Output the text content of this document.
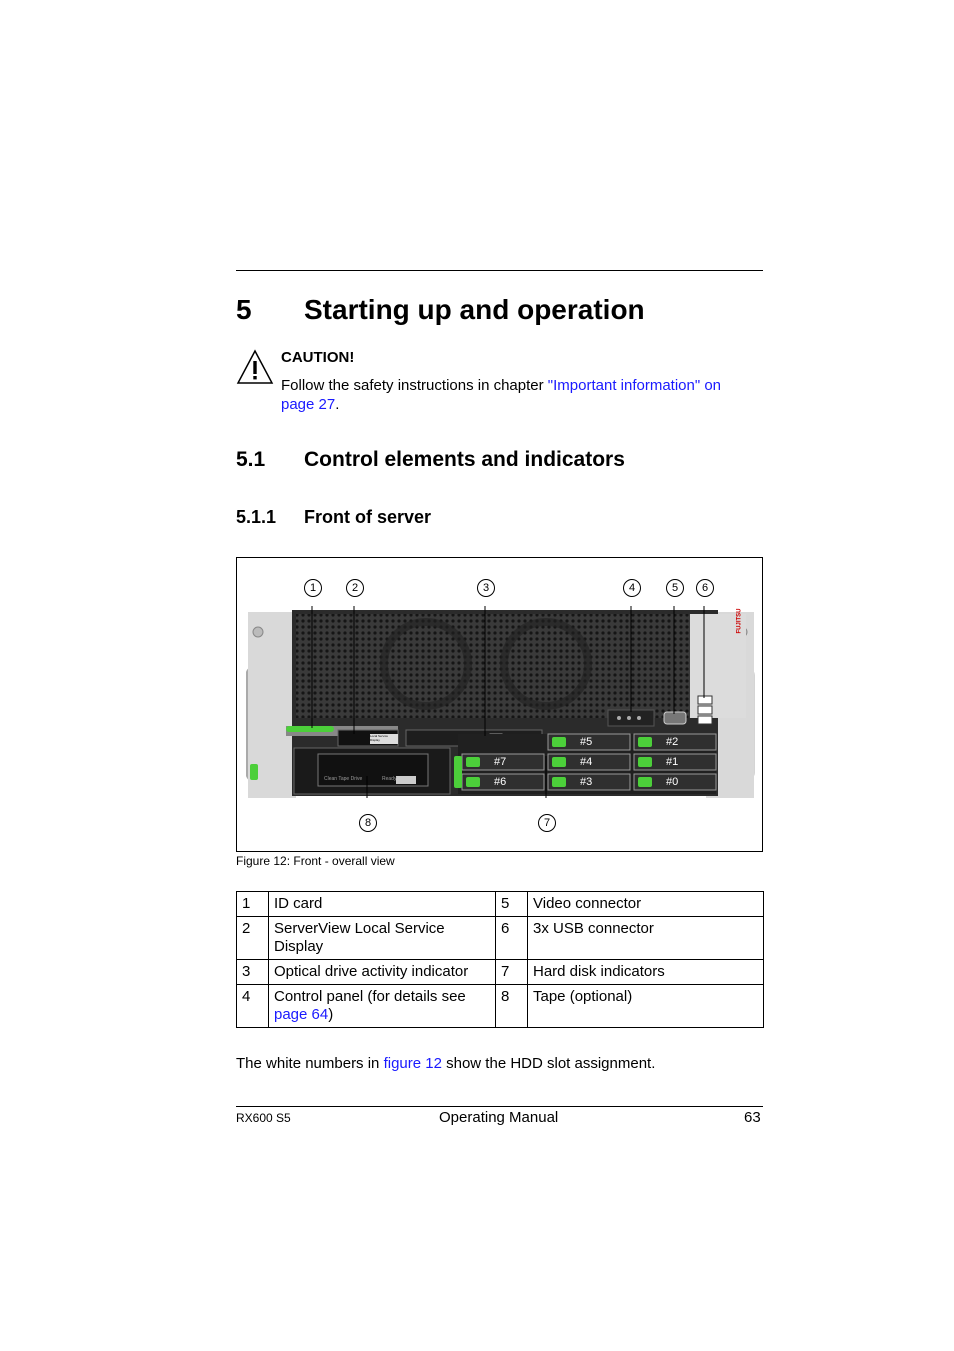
5 Starting up and operation
CAUTION!
Follow the safety instructions in chapter "Important information" on page 27.
5.1 Control elements and indicators
5.1.1 Front of server
FUJITSU
Local Service Display
Clean Tape Drive	Ready
#5	#2
#7	#4	#1
#6	#3	#0
1	2	3	4	5	6
7
8
Figure 12: Front - overall view
1	ID card	5	Video connector
2	ServerView Local Service Display	6	3x USB connector
3	Optical drive activity indicator	7	Hard disk indicators
4	Control panel (for details see page 64)	8	Tape (optional)
The white numbers in figure 12 show the HDD slot assignment.
RX600 S5	Operating Manual	63
